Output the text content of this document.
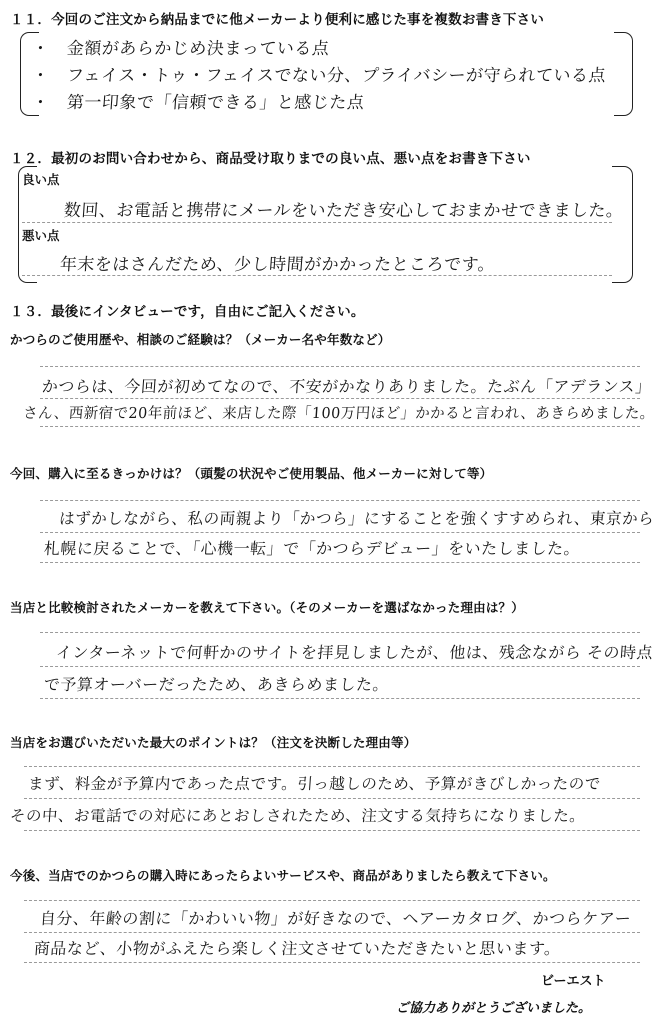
１１．今回のご注文から納品までに他メーカーより便利に感じた事を複数お書き下さい
・　金額があらかじめ決まっている点
・　フェイス・トゥ・フェイスでない分、プライバシーが守られている点
・　第一印象で「信頼できる」と感じた点
１２．最初のお問い合わせから、商品受け取りまでの良い点、悪い点をお書き下さい
良い点
数回、お電話と携帯にメールをいただき安心しておまかせできました。
悪い点
年末をはさんだため、少し時間がかかったところです。
１３．最後にインタビューです，自由にご記入ください。
かつらのご使用歴や、相談のご経験は？（メーカー名や年数など）
かつらは、今回が初めてなので、不安がかなりありました。たぶん「アデランス」
さん、西新宿で20年前ほど、来店した際「100万円ほど」かかると言われ、あきらめました。
今回、購入に至るきっかけは？（頭髪の状況やご使用製品、他メーカーに対して等）
はずかしながら、私の両親より「かつら」にすることを強くすすめられ、東京から
札幌に戻ることで、「心機一転」で「かつらデビュー」をいたしました。
当店と比較検討されたメーカーを教えて下さい。（そのメーカーを選ばなかった理由は？）
インターネットで何軒かのサイトを拝見しましたが、他は、残念ながら その時点
で予算オーバーだったため、あきらめました。
当店をお選びいただいた最大のポイントは？（注文を決断した理由等）
まず、料金が予算内であった点です。引っ越しのため、予算がきびしかったので
その中、お電話での対応にあとおしされたため、注文する気持ちになりました。
今後、当店でのかつらの購入時にあったらよいサービスや、商品がありましたら教えて下さい。
自分、年齢の割に「かわいい物」が好きなので、ヘアーカタログ、かつらケアー
商品など、小物がふえたら楽しく注文させていただきたいと思います。
ビーエスト
ご協力ありがとうございました。
